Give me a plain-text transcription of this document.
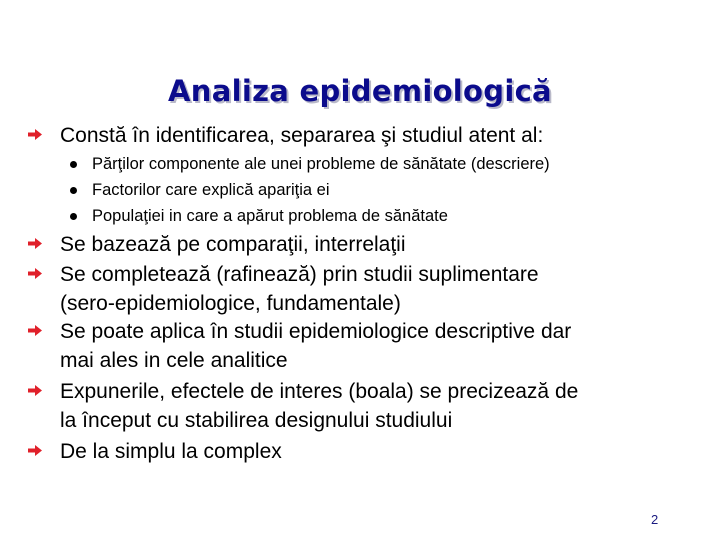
Analiza epidemiologică
Constă în identificarea, separarea şi studiul atent al:
Părţilor componente ale unei probleme de sănătate (descriere)
Factorilor care explică apariţia ei
Populaţiei in care a apărut problema de sănătate
Se bazează pe comparaţii, interrelaţii
Se completează (rafinează) prin studii suplimentare
(sero-epidemiologice, fundamentale)
Se poate aplica în studii epidemiologice descriptive dar
mai ales in cele analitice
Expunerile, efectele de interes (boala) se precizează de
la început cu stabilirea designului studiului
De la simplu la complex
2
